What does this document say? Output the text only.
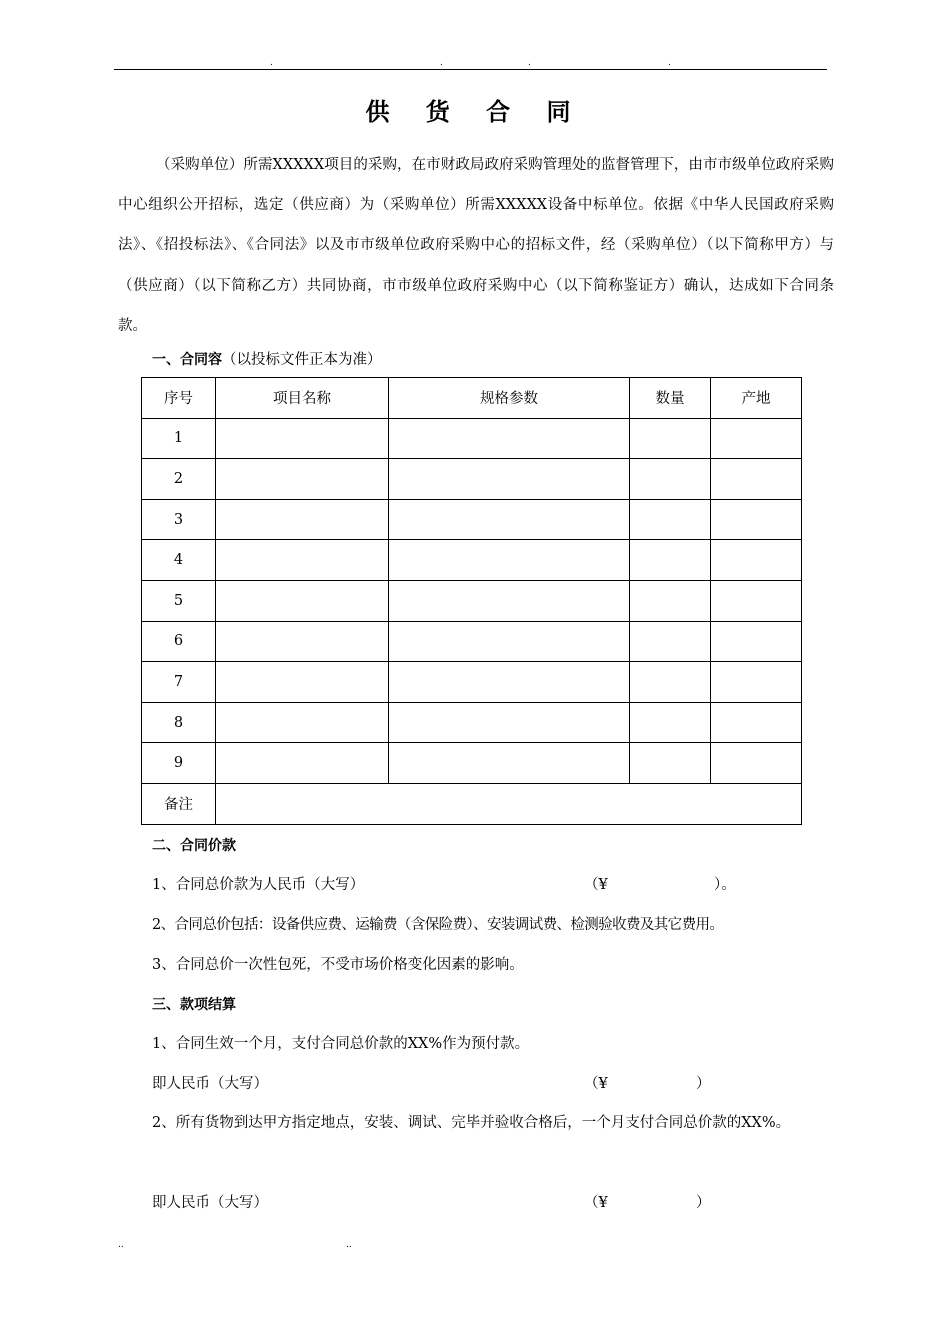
.	.	.	.
供 货 合 同

（采购单位）所需XXXXX项目的采购，在市财政局政府采购管理处的监督管理下，由市市级单位政府采购中心组织公开招标，选定（供应商）为（采购单位）所需XXXXX设备中标单位。依据《中华人民国政府采购法》、《招投标法》、《合同法》以及市市级单位政府采购中心的招标文件，经（采购单位）（以下简称甲方）与（供应商）（以下简称乙方）共同协商，市市级单位政府采购中心（以下简称鉴证方）确认，达成如下合同条款。

一、合同容（以投标文件正本为准）
序号	项目名称	规格参数	数量	产地
1				
2				
3				
4				
5				
6				
7				
8				
9				
备注				
二、合同价款
1、合同总价款为人民币（大写）	（¥	）。
2、合同总价包括：设备供应费、运输费（含保险费）、安装调试费、检测验收费及其它费用。
3、合同总价一次性包死，不受市场价格变化因素的影响。
三、款项结算
1、合同生效一个月，支付合同总价款的XX%作为预付款。
即人民币（大写）	（¥	）

2、所有货物到达甲方指定地点，安装、调试、完毕并验收合格后，一个月支付合同总价款的XX%。

即人民币（大写）	（¥	）
..	..
